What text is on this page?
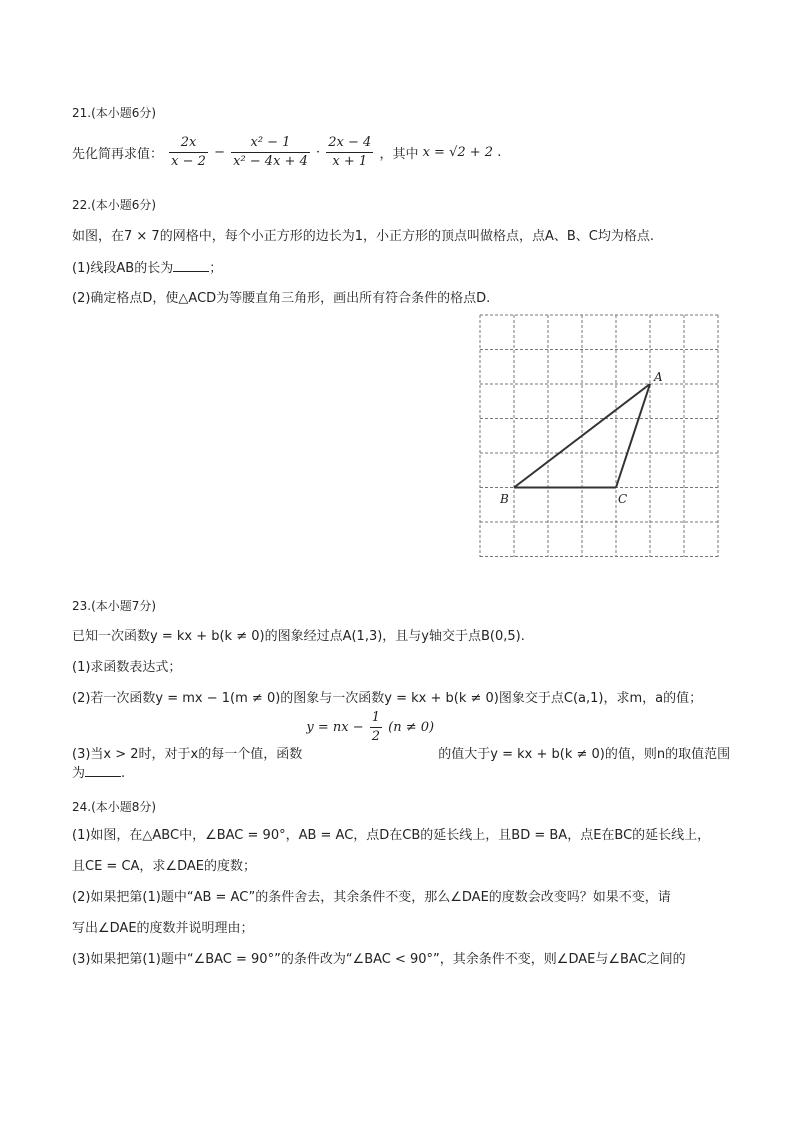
21.(本小题6分)
先化简再求值： $\frac{2x}{x - 2} - \frac{\text{x² − 1}}{\text{x² − 4x + 4}} \cdot \frac{2x - 4}{x + 1}$ ，其中 x = √2 + 2 .
22.(本小题6分)
如图，在7 × 7的网格中，每个小正方形的边长为1，小正方形的顶点叫做格点，点A、B、C均为格点.
(1)线段AB的长为	；
(2)确定格点D，使△ACD为等腰直角三角形，画出所有符合条件的格点D.
A
B	C
23.(本小题7分)
已知一次函数y = kx + b(k ≠ 0)的图象经过点A(1,3)，且与y轴交于点B(0,5).
(1)求函数表达式；
(2)若一次函数y = mx − 1(m ≠ 0)的图象与一次函数y = kx + b(k ≠ 0)图象交于点C(a,1)，求m，a的值；
(3)当x > 2时，对于x的每一个值，函数 y = nx − $\frac{1}{2} (n \ne 0)$ 的值大于y = kx + b(k ≠ 0)的值，则n的取值范围
为	.
24.(本小题8分)
(1)如图，在△ABC中，∠BAC = 90°，AB = AC，点D在CB的延长线上，且BD = BA，点E在BC的延长线上，
且CE = CA，求∠DAE的度数；
(2)如果把第(1)题中“AB = AC”的条件舍去，其余条件不变，那么∠DAE的度数会改变吗？如果不变，请
写出∠DAE的度数并说明理由；
(3)如果把第(1)题中“∠BAC = 90°”的条件改为“∠BAC < 90°”，其余条件不变，则∠DAE与∠BAC之间的
